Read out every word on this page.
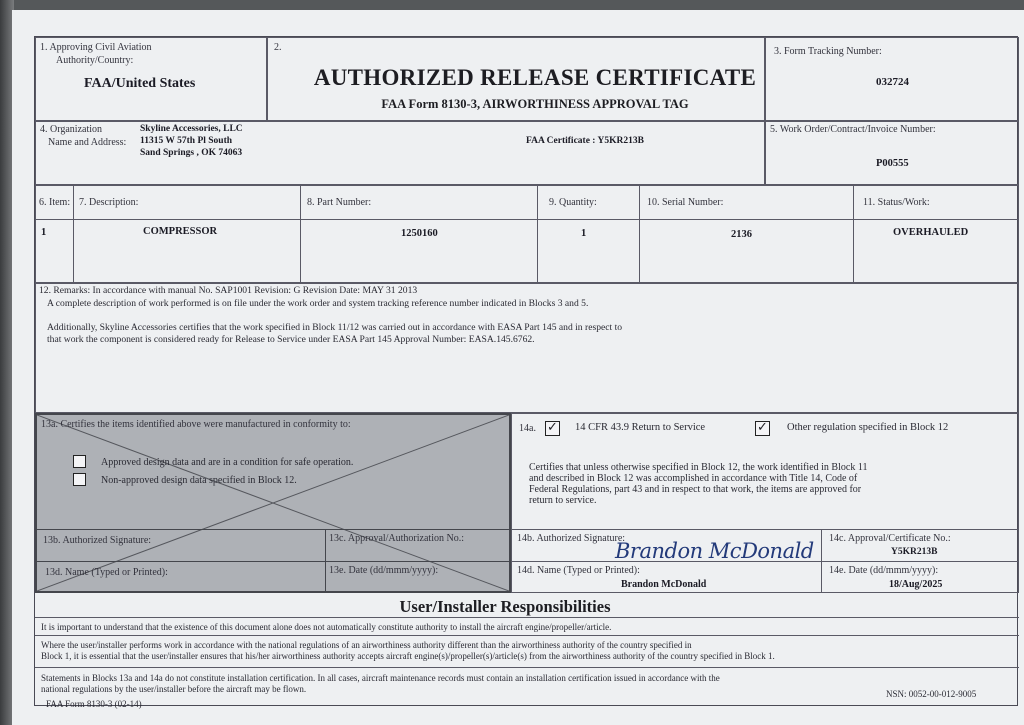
1. Approving Civil Aviation
Authority/Country:
FAA/United States
2.
AUTHORIZED RELEASE CERTIFICATE
FAA Form 8130-3, AIRWORTHINESS APPROVAL TAG
3. Form Tracking Number:
032724
4. Organization
Name and Address:
Skyline Accessories, LLC
11315 W 57th Pl South
Sand Springs , OK 74063
FAA Certificate : Y5KR213B
5. Work Order/Contract/Invoice Number:
P00555
6. Item: 7. Description:	8. Part Number:	9. Quantity:	10. Serial Number:	11. Status/Work:
1	COMPRESSOR	1250160	1	2136	OVERHAULED
12. Remarks: In accordance with manual No. SAP1001 Revision: G Revision Date: MAY 31 2013
A complete description of work performed is on file under the work order and system tracking reference number indicated in Blocks 3 and 5.
Additionally, Skyline Accessories certifies that the work specified in Block 11/12 was carried out in accordance with EASA Part 145 and in respect to
that work the component is considered ready for Release to Service under EASA Part 145 Approval Number: EASA.145.6762.
13a. Certifies the items identified above were manufactured in conformity to:
Approved design data and are in a condition for safe operation.
Non-approved design data specified in Block 12.
13b. Authorized Signature:	13c. Approval/Authorization No.:
13d. Name (Typed or Printed):	13e. Date (dd/mmm/yyyy):
14a. ✓ 14 CFR 43.9 Return to Service	✓ Other regulation specified in Block 12
Certifies that unless otherwise specified in Block 12, the work identified in Block 11
and described in Block 12 was accomplished in accordance with Title 14, Code of
Federal Regulations, part 43 and in respect to that work, the items are approved for
return to service.
14b. Authorized Signature:
Brandon McDonald
14c. Approval/Certificate No.:
Y5KR213B
14d. Name (Typed or Printed):
Brandon McDonald
14e. Date (dd/mmm/yyyy):
18/Aug/2025
User/Installer Responsibilities
It is important to understand that the existence of this document alone does not automatically constitute authority to install the aircraft engine/propeller/article.
Where the user/installer performs work in accordance with the national regulations of an airworthiness authority different than the airworthiness authority of the country specified in
Block 1, it is essential that the user/installer ensures that his/her airworthiness authority accepts aircraft engine(s)/propeller(s)/article(s) from the airworthiness authority of the country specified in Block 1.
Statements in Blocks 13a and 14a do not constitute installation certification. In all cases, aircraft maintenance records must contain an installation certification issued in accordance with the
national regulations by the user/installer before the aircraft may be flown.
FAA Form 8130-3 (02-14)
NSN: 0052-00-012-9005
